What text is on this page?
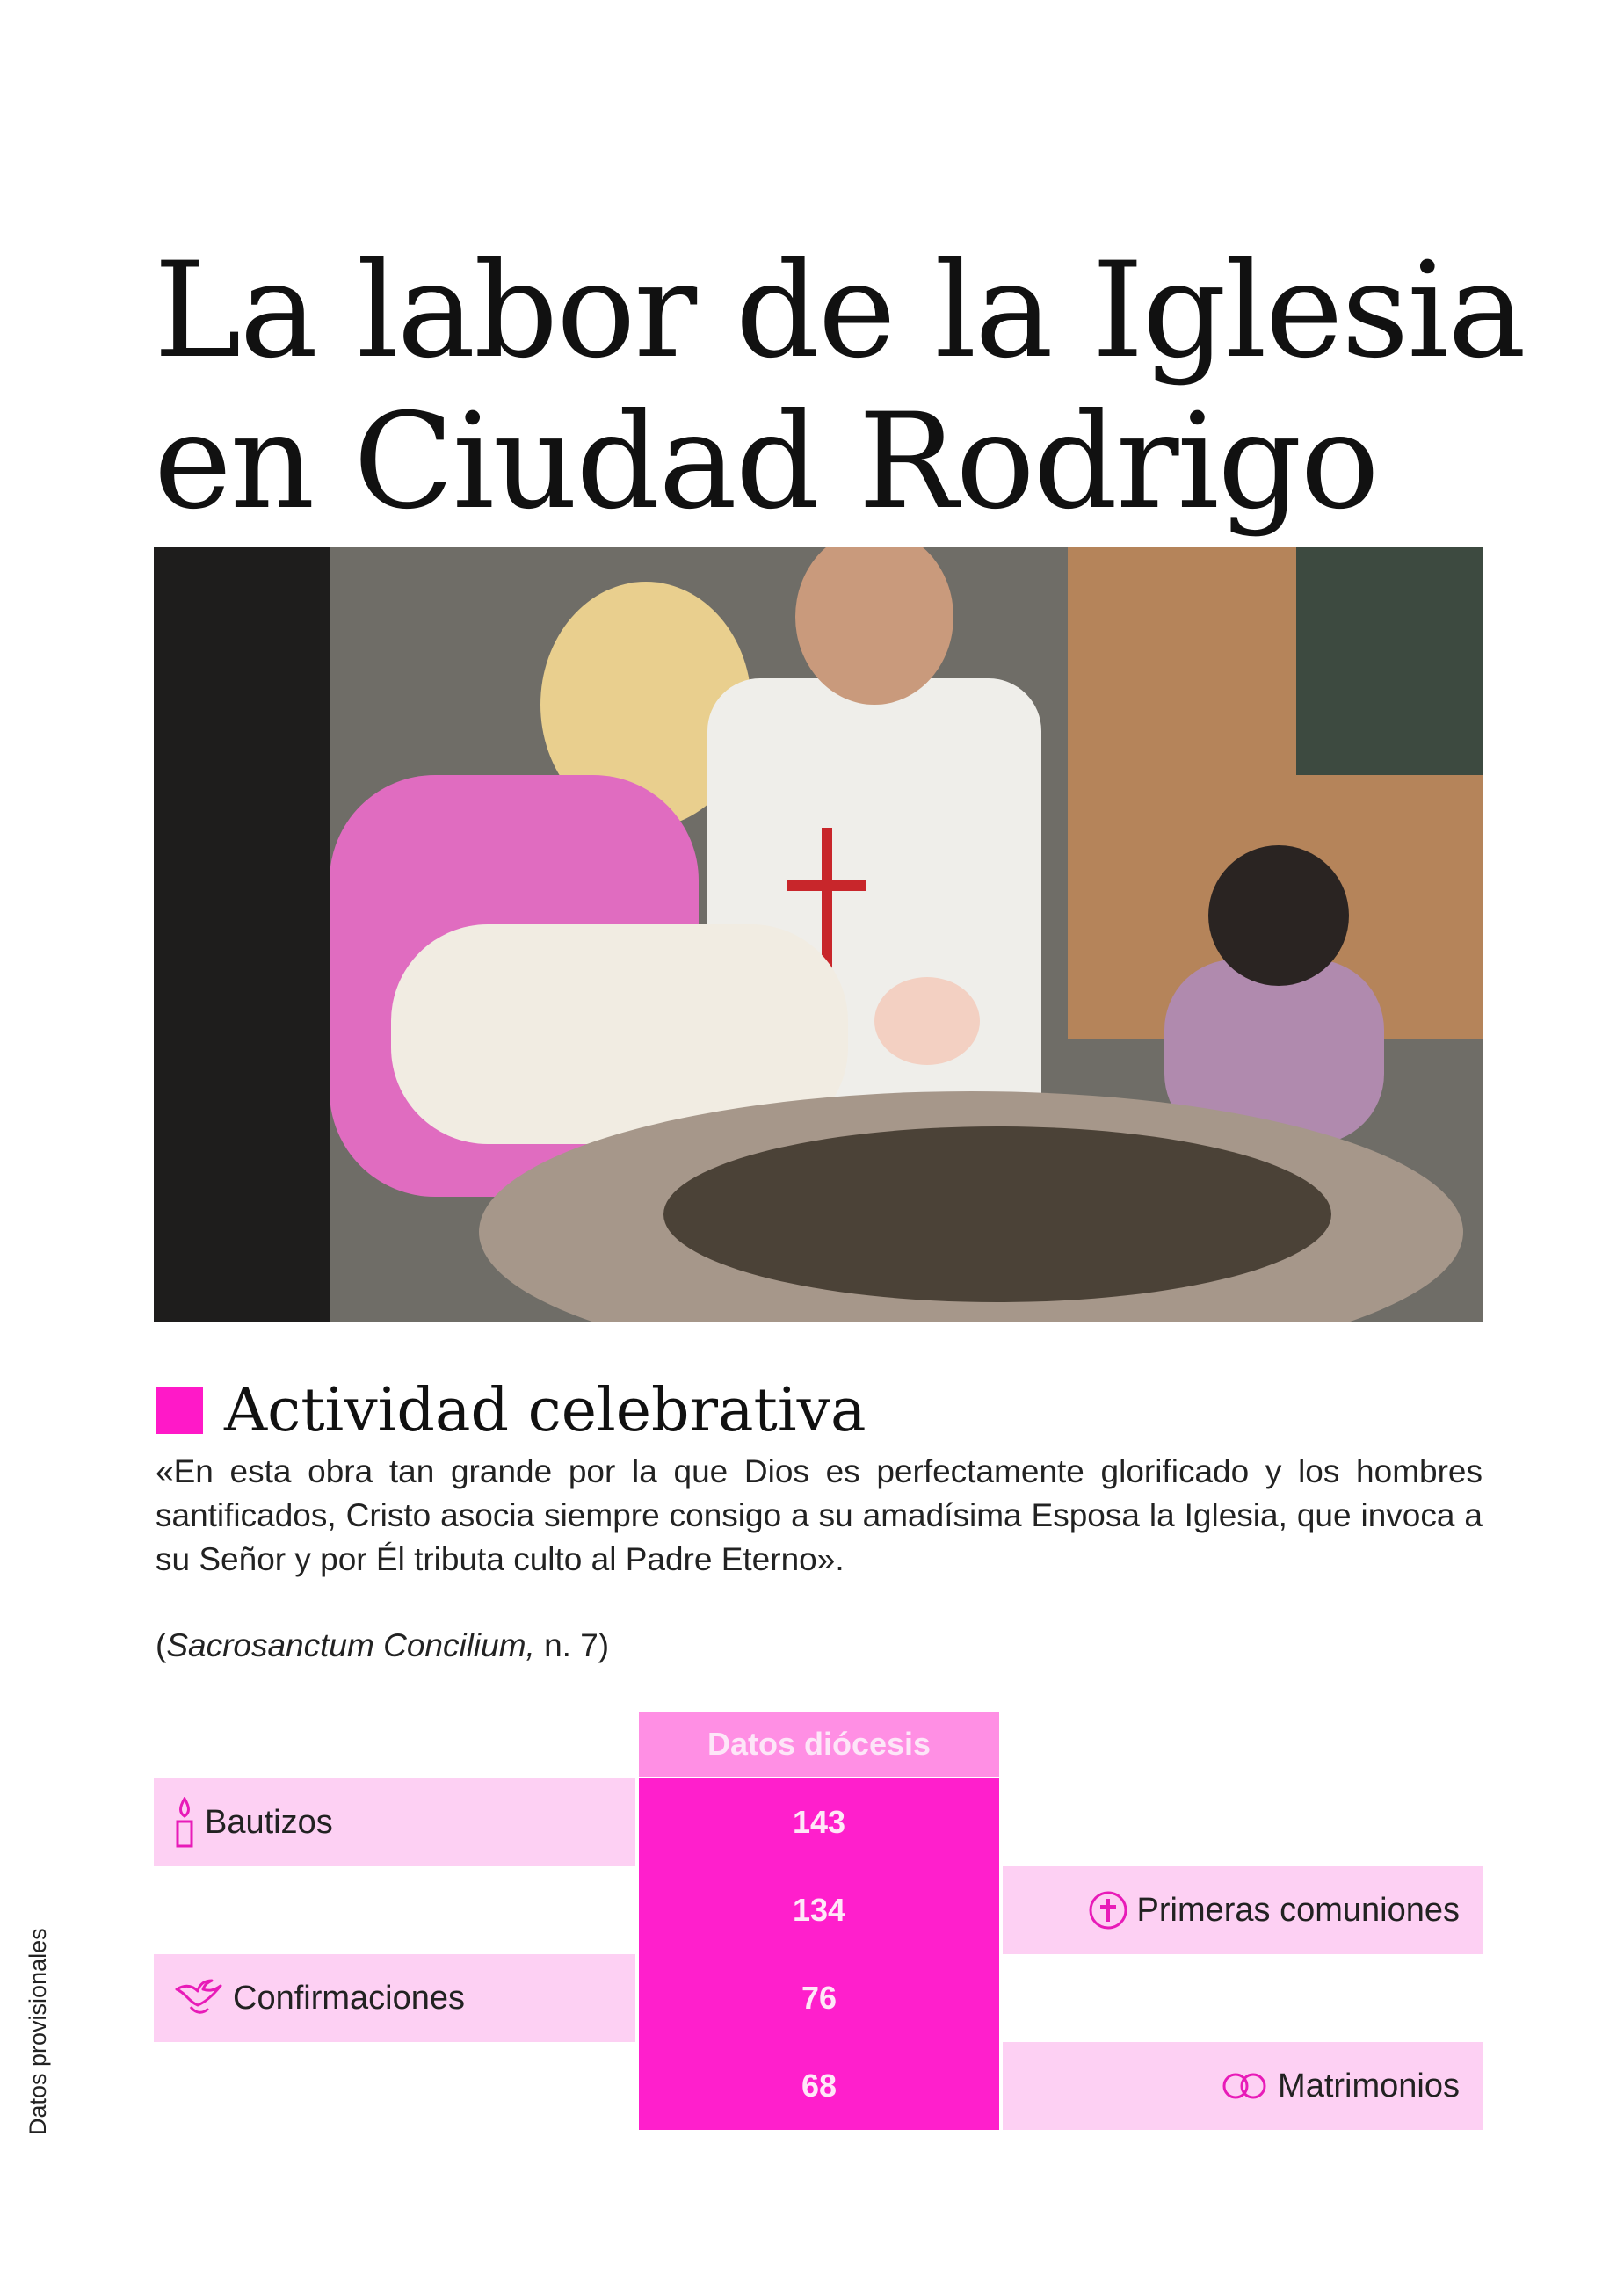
La labor de la Iglesia
en Ciudad Rodrigo
Actividad celebrativa
«En esta obra tan grande por la que Dios es perfectamente glorificado y los hombres santificados, Cristo asocia siempre consigo a su amadísima Esposa la Iglesia, que invoca a su Señor y por Él tributa culto al Padre Eterno».
(Sacrosanctum Concilium, n. 7)
Datos diócesis
Bautizos	143
134	Primeras comuniones
Confirmaciones	76
68	Matrimonios
Datos provisionales
